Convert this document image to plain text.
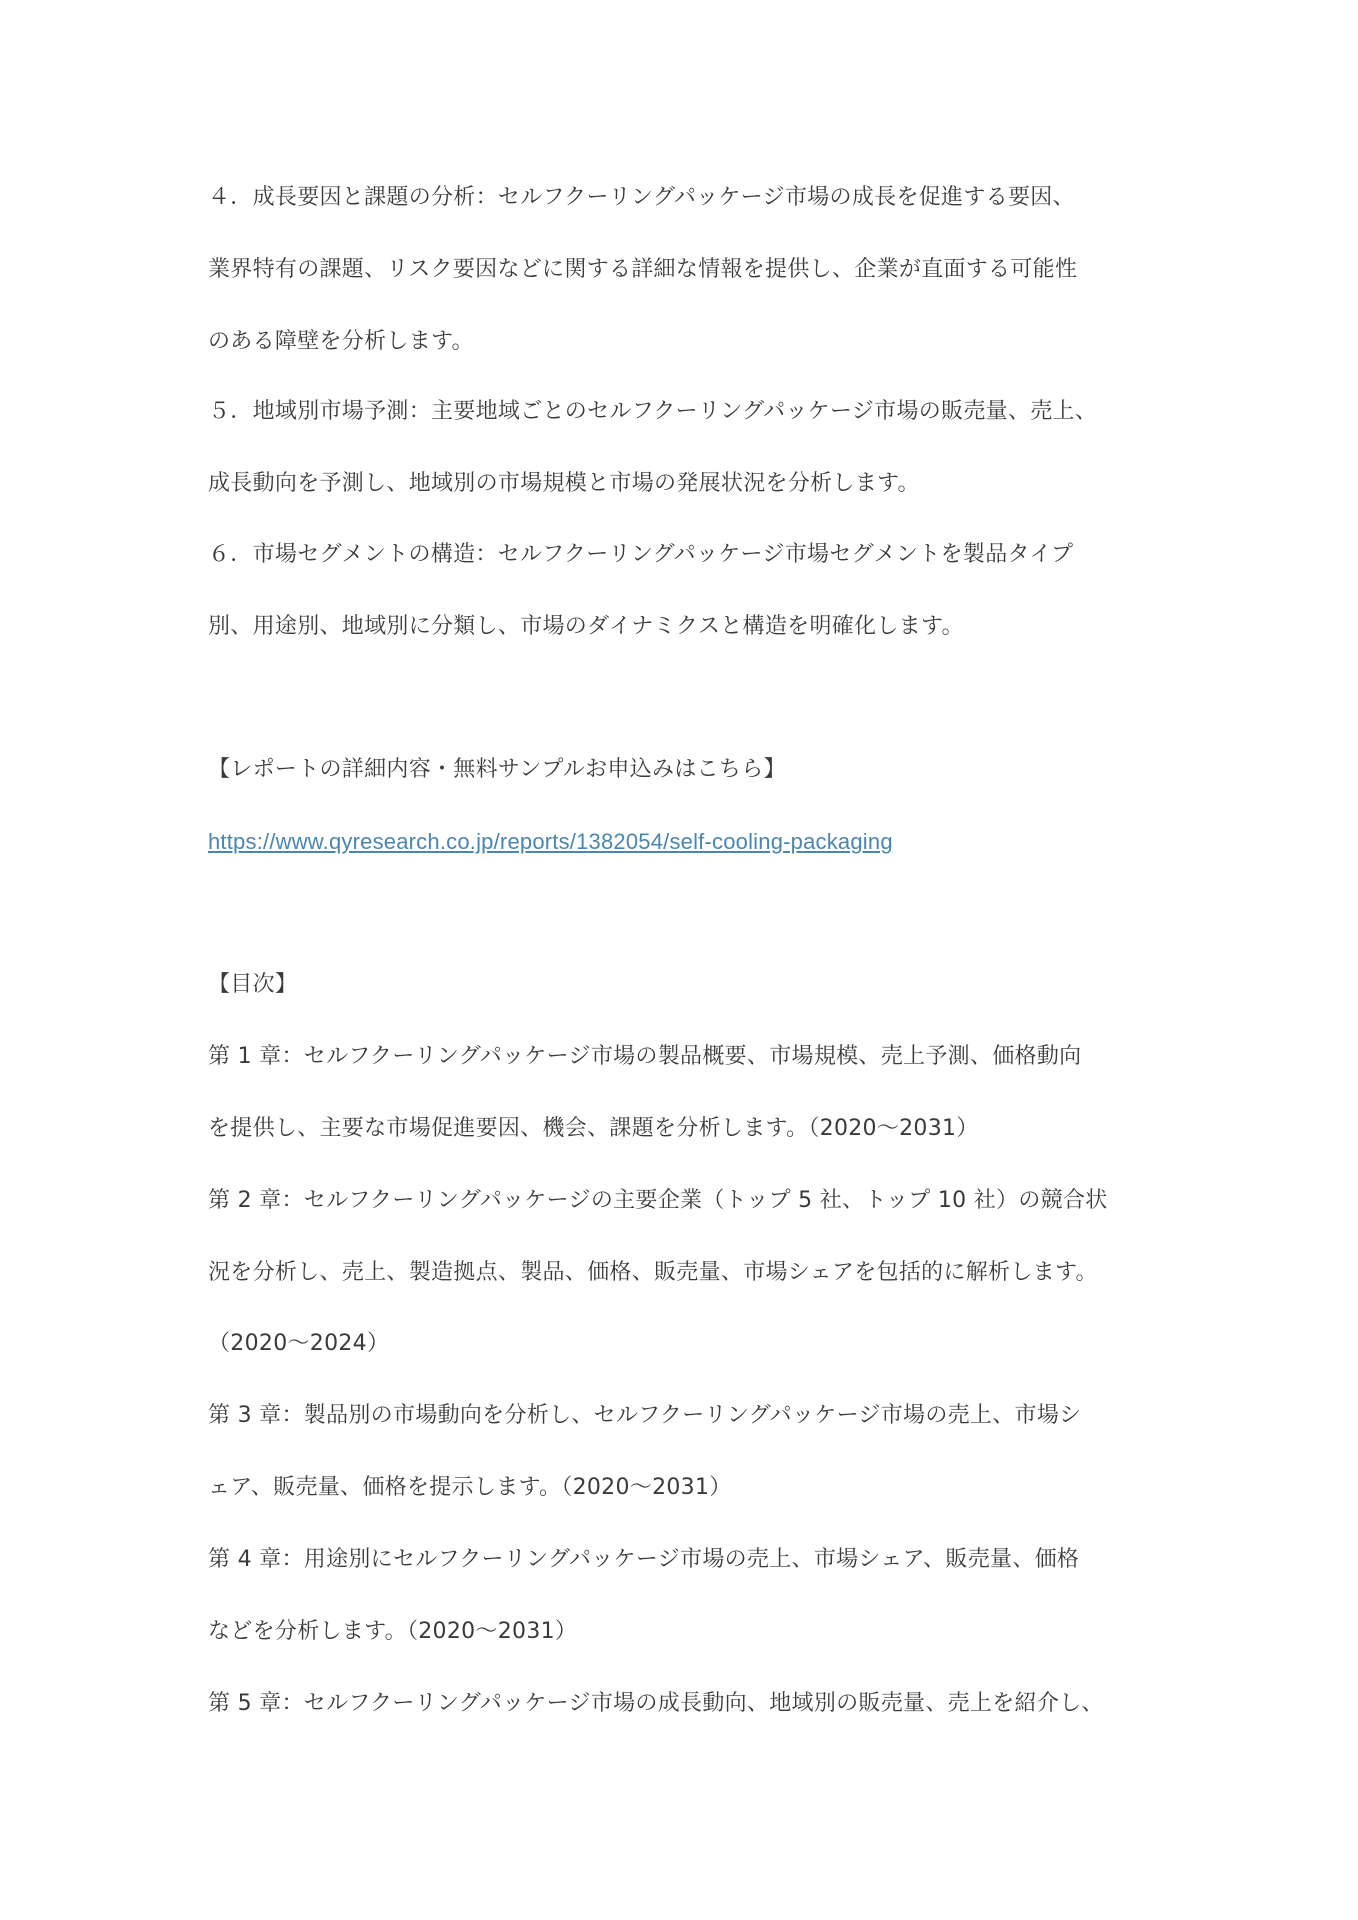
４．成長要因と課題の分析：セルフクーリングパッケージ市場の成長を促進する要因、
業界特有の課題、リスク要因などに関する詳細な情報を提供し、企業が直面する可能性
のある障壁を分析します。
５．地域別市場予測：主要地域ごとのセルフクーリングパッケージ市場の販売量、売上、
成長動向を予測し、地域別の市場規模と市場の発展状況を分析します。
６．市場セグメントの構造：セルフクーリングパッケージ市場セグメントを製品タイプ
別、用途別、地域別に分類し、市場のダイナミクスと構造を明確化します。
【レポートの詳細内容・無料サンプルお申込みはこちら】
https://www.qyresearch.co.jp/reports/1382054/self-cooling-packaging
【目次】
第 1 章：セルフクーリングパッケージ市場の製品概要、市場規模、売上予測、価格動向
を提供し、主要な市場促進要因、機会、課題を分析します。（2020～2031）
第 2 章：セルフクーリングパッケージの主要企業（トップ 5 社、トップ 10 社）の競合状
況を分析し、売上、製造拠点、製品、価格、販売量、市場シェアを包括的に解析します。
（2020～2024）
第 3 章：製品別の市場動向を分析し、セルフクーリングパッケージ市場の売上、市場シ
ェア、販売量、価格を提示します。（2020～2031）
第 4 章：用途別にセルフクーリングパッケージ市場の売上、市場シェア、販売量、価格
などを分析します。（2020～2031）
第 5 章：セルフクーリングパッケージ市場の成長動向、地域別の販売量、売上を紹介し、
